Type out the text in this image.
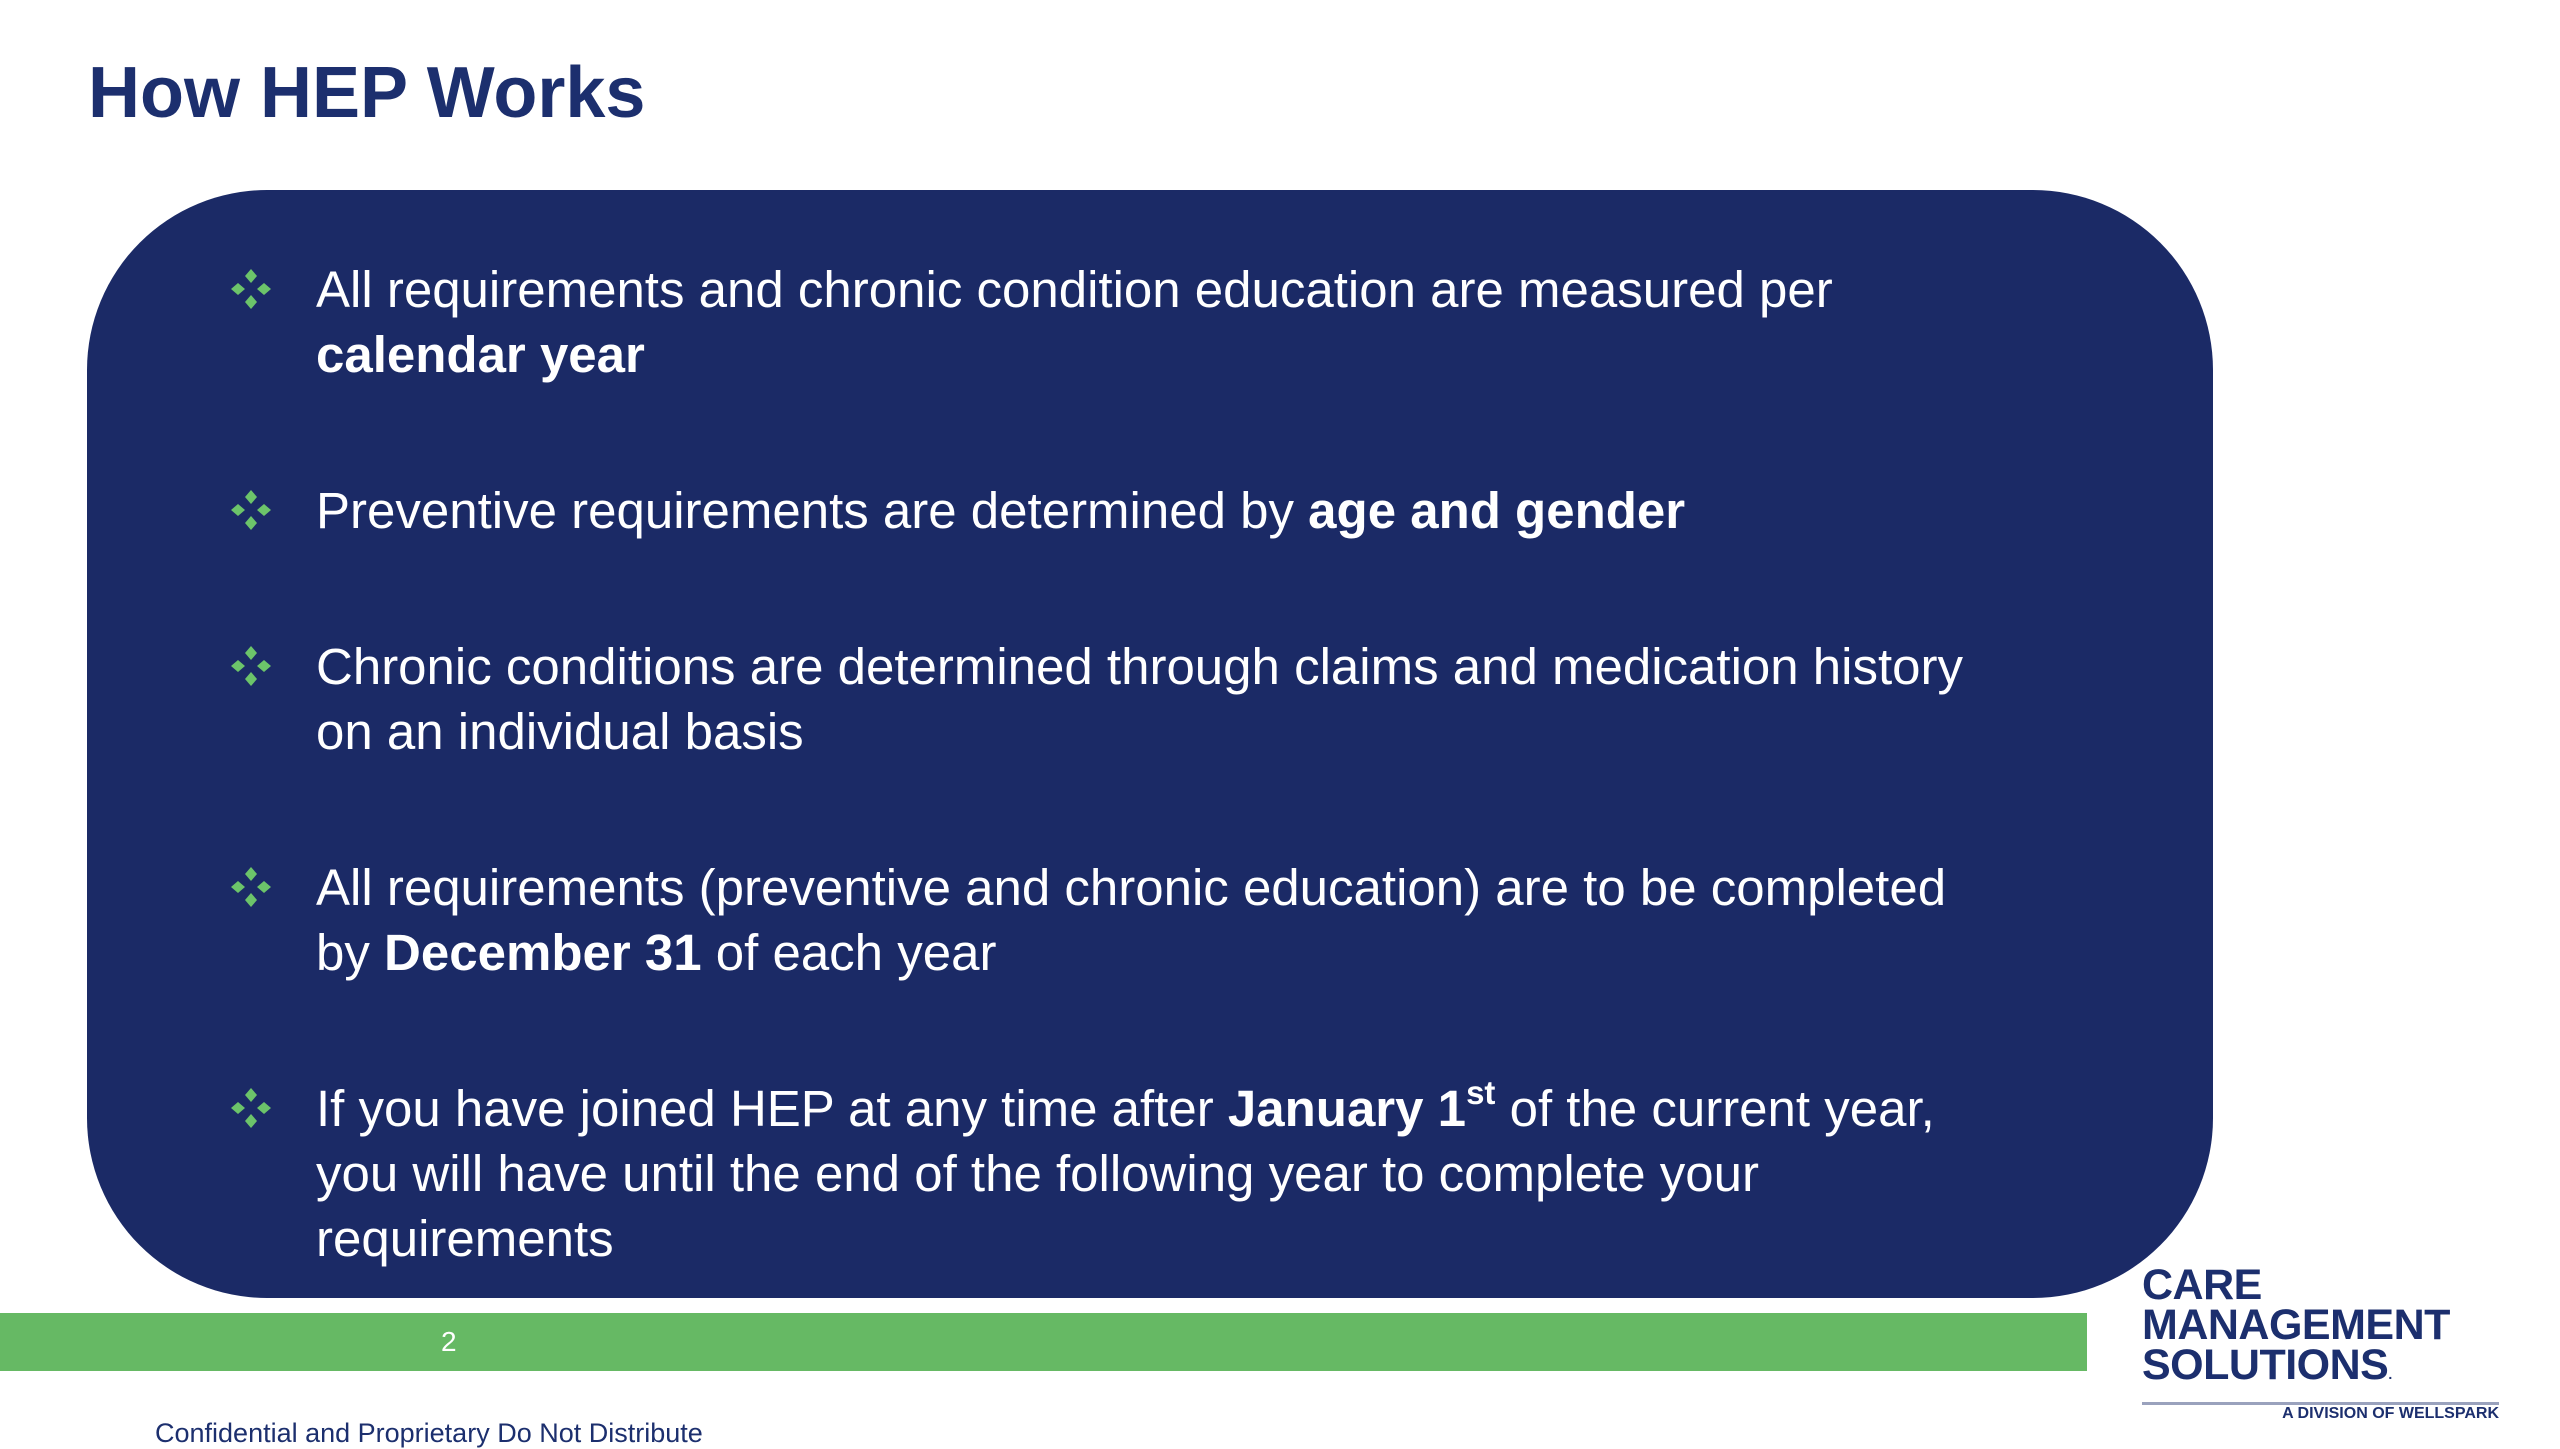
How HEP Works
All requirements and chronic condition education are measured per
calendar year
Preventive requirements are determined by age and gender
Chronic conditions are determined through claims and medication history
on an individual basis
All requirements (preventive and chronic education) are to be completed
by December 31 of each year
If you have joined HEP at any time after January 1st of the current year,
you will have until the end of the following year to complete your
requirements
2
Confidential and Proprietary Do Not Distribute
CARE
MANAGEMENT
SOLUTIONS.
A DIVISION OF WELLSPARK
